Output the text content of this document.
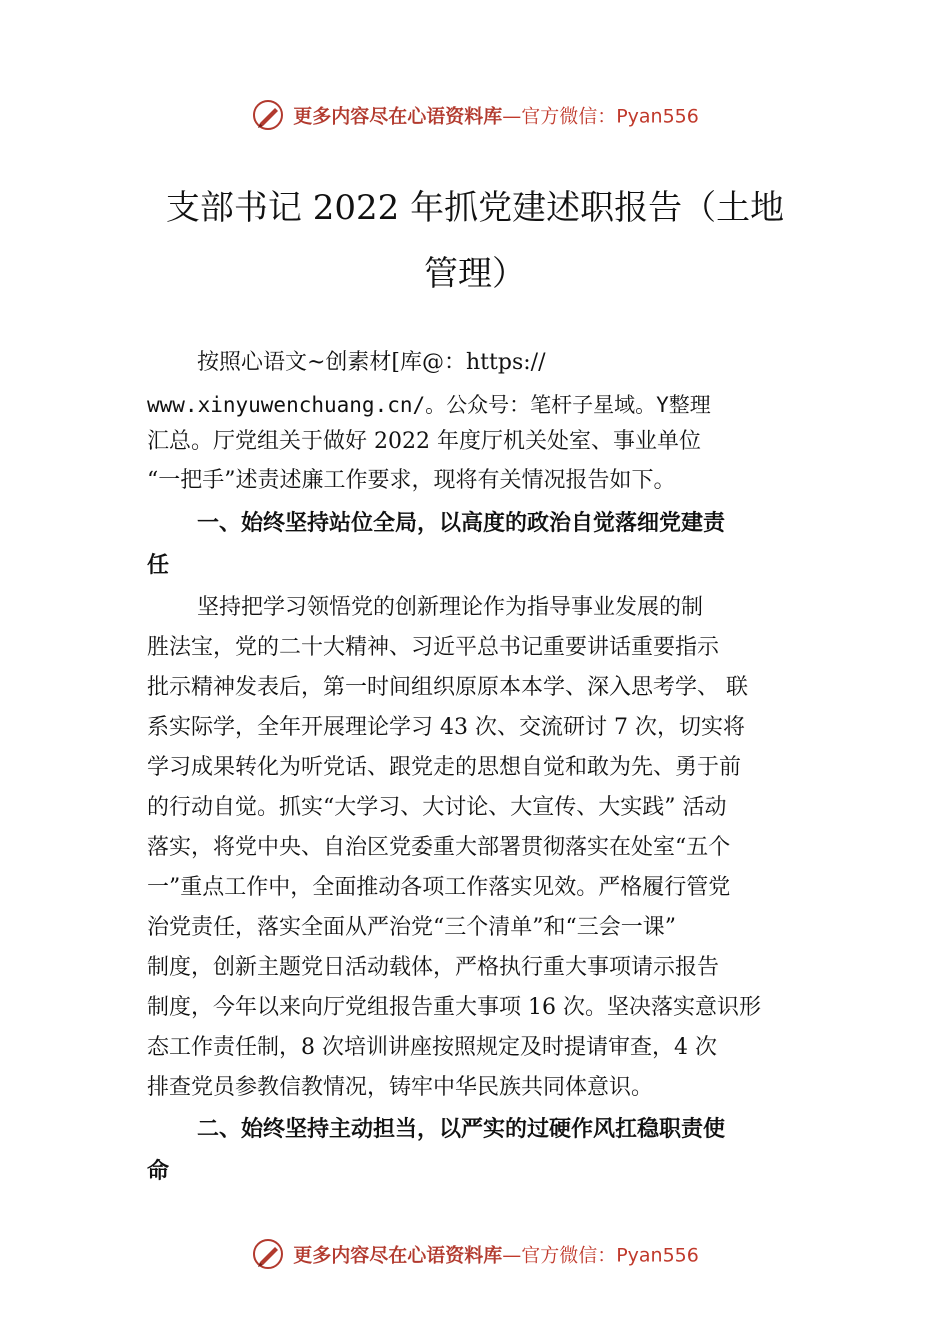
更多内容尽在心语资料库—官方微信：Pyan556
支部书记 2022 年抓党建述职报告（土地
管理）
按照心语文~创素材[库@：https://
www.xinyuwenchuang.cn/。公众号：笔杆子星域。Y整理
汇总。厅党组关于做好 2022 年度厅机关处室、事业单位
“一把手”述责述廉工作要求，现将有关情况报告如下。
一、始终坚持站位全局，以高度的政治自觉落细党建责
任
坚持把学习领悟党的创新理论作为指导事业发展的制
胜法宝，党的二十大精神、习近平总书记重要讲话重要指示
批示精神发表后，第一时间组织原原本本学、深入思考学、 联
系实际学，全年开展理论学习 43 次、交流研讨 7 次，切实将
学习成果转化为听党话、跟党走的思想自觉和敢为先、勇于前
的行动自觉。抓实“大学习、大讨论、大宣传、大实践” 活动
落实，将党中央、自治区党委重大部署贯彻落实在处室“五个
一”重点工作中，全面推动各项工作落实见效。严格履行管党
治党责任，落实全面从严治党“三个清单”和“三会一课”
制度，创新主题党日活动载体，严格执行重大事项请示报告
制度，今年以来向厅党组报告重大事项 16 次。坚决落实意识形
态工作责任制，8 次培训讲座按照规定及时提请审查，4 次
排查党员参教信教情况，铸牢中华民族共同体意识。
二、始终坚持主动担当，以严实的过硬作风扛稳职责使
命
更多内容尽在心语资料库—官方微信：Pyan556
